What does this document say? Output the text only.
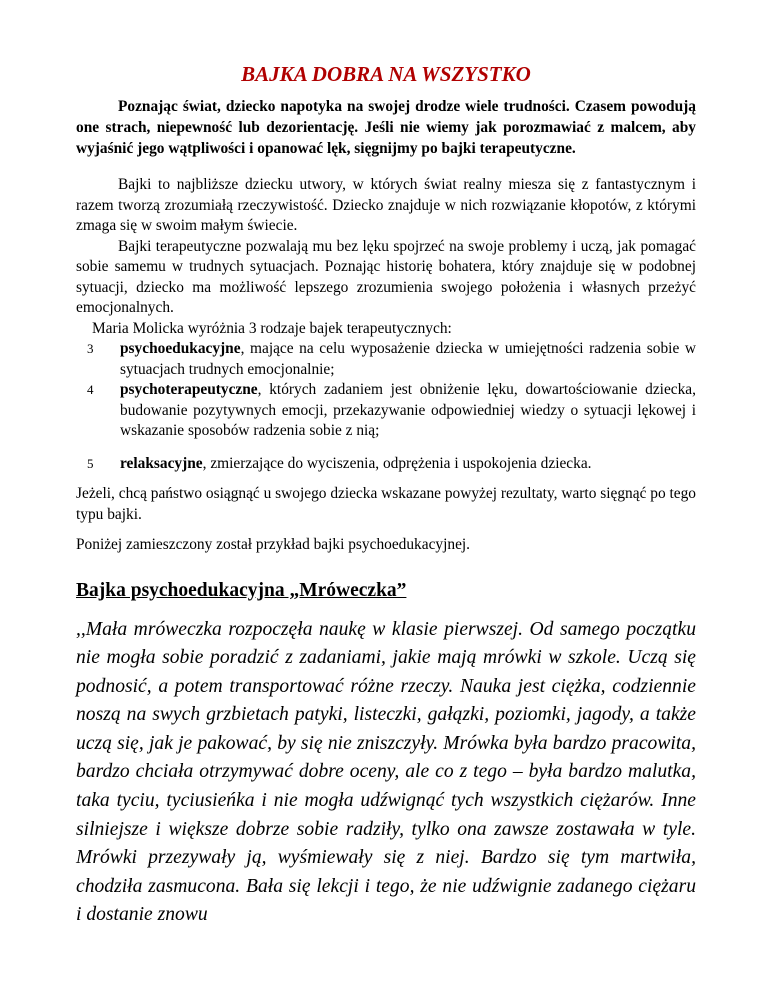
BAJKA DOBRA NA WSZYSTKO

Poznając świat, dziecko napotyka na swojej drodze wiele trudności. Czasem powodują one strach, niepewność lub dezorientację. Jeśli nie wiemy jak porozmawiać z malcem, aby wyjaśnić jego wątpliwości i opanować lęk, sięgnijmy po bajki terapeutyczne.

Bajki to najbliższe dziecku utwory, w których świat realny miesza się z fantastycznym i razem tworzą zrozumiałą rzeczywistość. Dziecko znajduje w nich rozwiązanie kłopotów, z którymi zmaga się w swoim małym świecie.

Bajki terapeutyczne pozwalają mu bez lęku spojrzeć na swoje problemy i uczą, jak pomagać sobie samemu w trudnych sytuacjach. Poznając historię bohatera, który znajduje się w podobnej sytuacji, dziecko ma możliwość lepszego zrozumienia swojego położenia i własnych przeżyć emocjonalnych.

Maria Molicka wyróżnia 3 rodzaje bajek terapeutycznych:

3 psychoedukacyjne, mające na celu wyposażenie dziecka w umiejętności radzenia sobie w sytuacjach trudnych emocjonalnie;
4 psychoterapeutyczne, których zadaniem jest obniżenie lęku, dowartościowanie dziecka, budowanie pozytywnych emocji, przekazywanie odpowiedniej wiedzy o sytuacji lękowej i wskazanie sposobów radzenia sobie z nią;
5 relaksacyjne, zmierzające do wyciszenia, odprężenia i uspokojenia dziecka.

Jeżeli, chcą państwo osiągnąć u swojego dziecka wskazane powyżej rezultaty, warto sięgnąć po tego typu bajki.

Poniżej zamieszczony został przykład bajki psychoedukacyjnej.

Bajka psychoedukacyjna „Mróweczka”

,,Mała mróweczka rozpoczęła naukę w klasie pierwszej. Od samego początku nie mogła sobie poradzić z zadaniami, jakie mają mrówki w szkole. Uczą się podnosić, a potem transportować różne rzeczy. Nauka jest ciężka, codziennie noszą na swych grzbietach patyki, listeczki, gałązki, poziomki, jagody, a także uczą się, jak je pakować, by się nie zniszczyły. Mrówka była bardzo pracowita, bardzo chciała otrzymywać dobre oceny, ale co z tego – była bardzo malutka, taka tyciu, tyciusieńka i nie mogła udźwignąć tych wszystkich ciężarów. Inne silniejsze i większe dobrze sobie radziły, tylko ona zawsze zostawała w tyle. Mrówki przezywały ją, wyśmiewały się z niej. Bardzo się tym martwiła, chodziła zasmucona. Bała się lekcji i tego, że nie udźwignie zadanego ciężaru i dostanie znowu
